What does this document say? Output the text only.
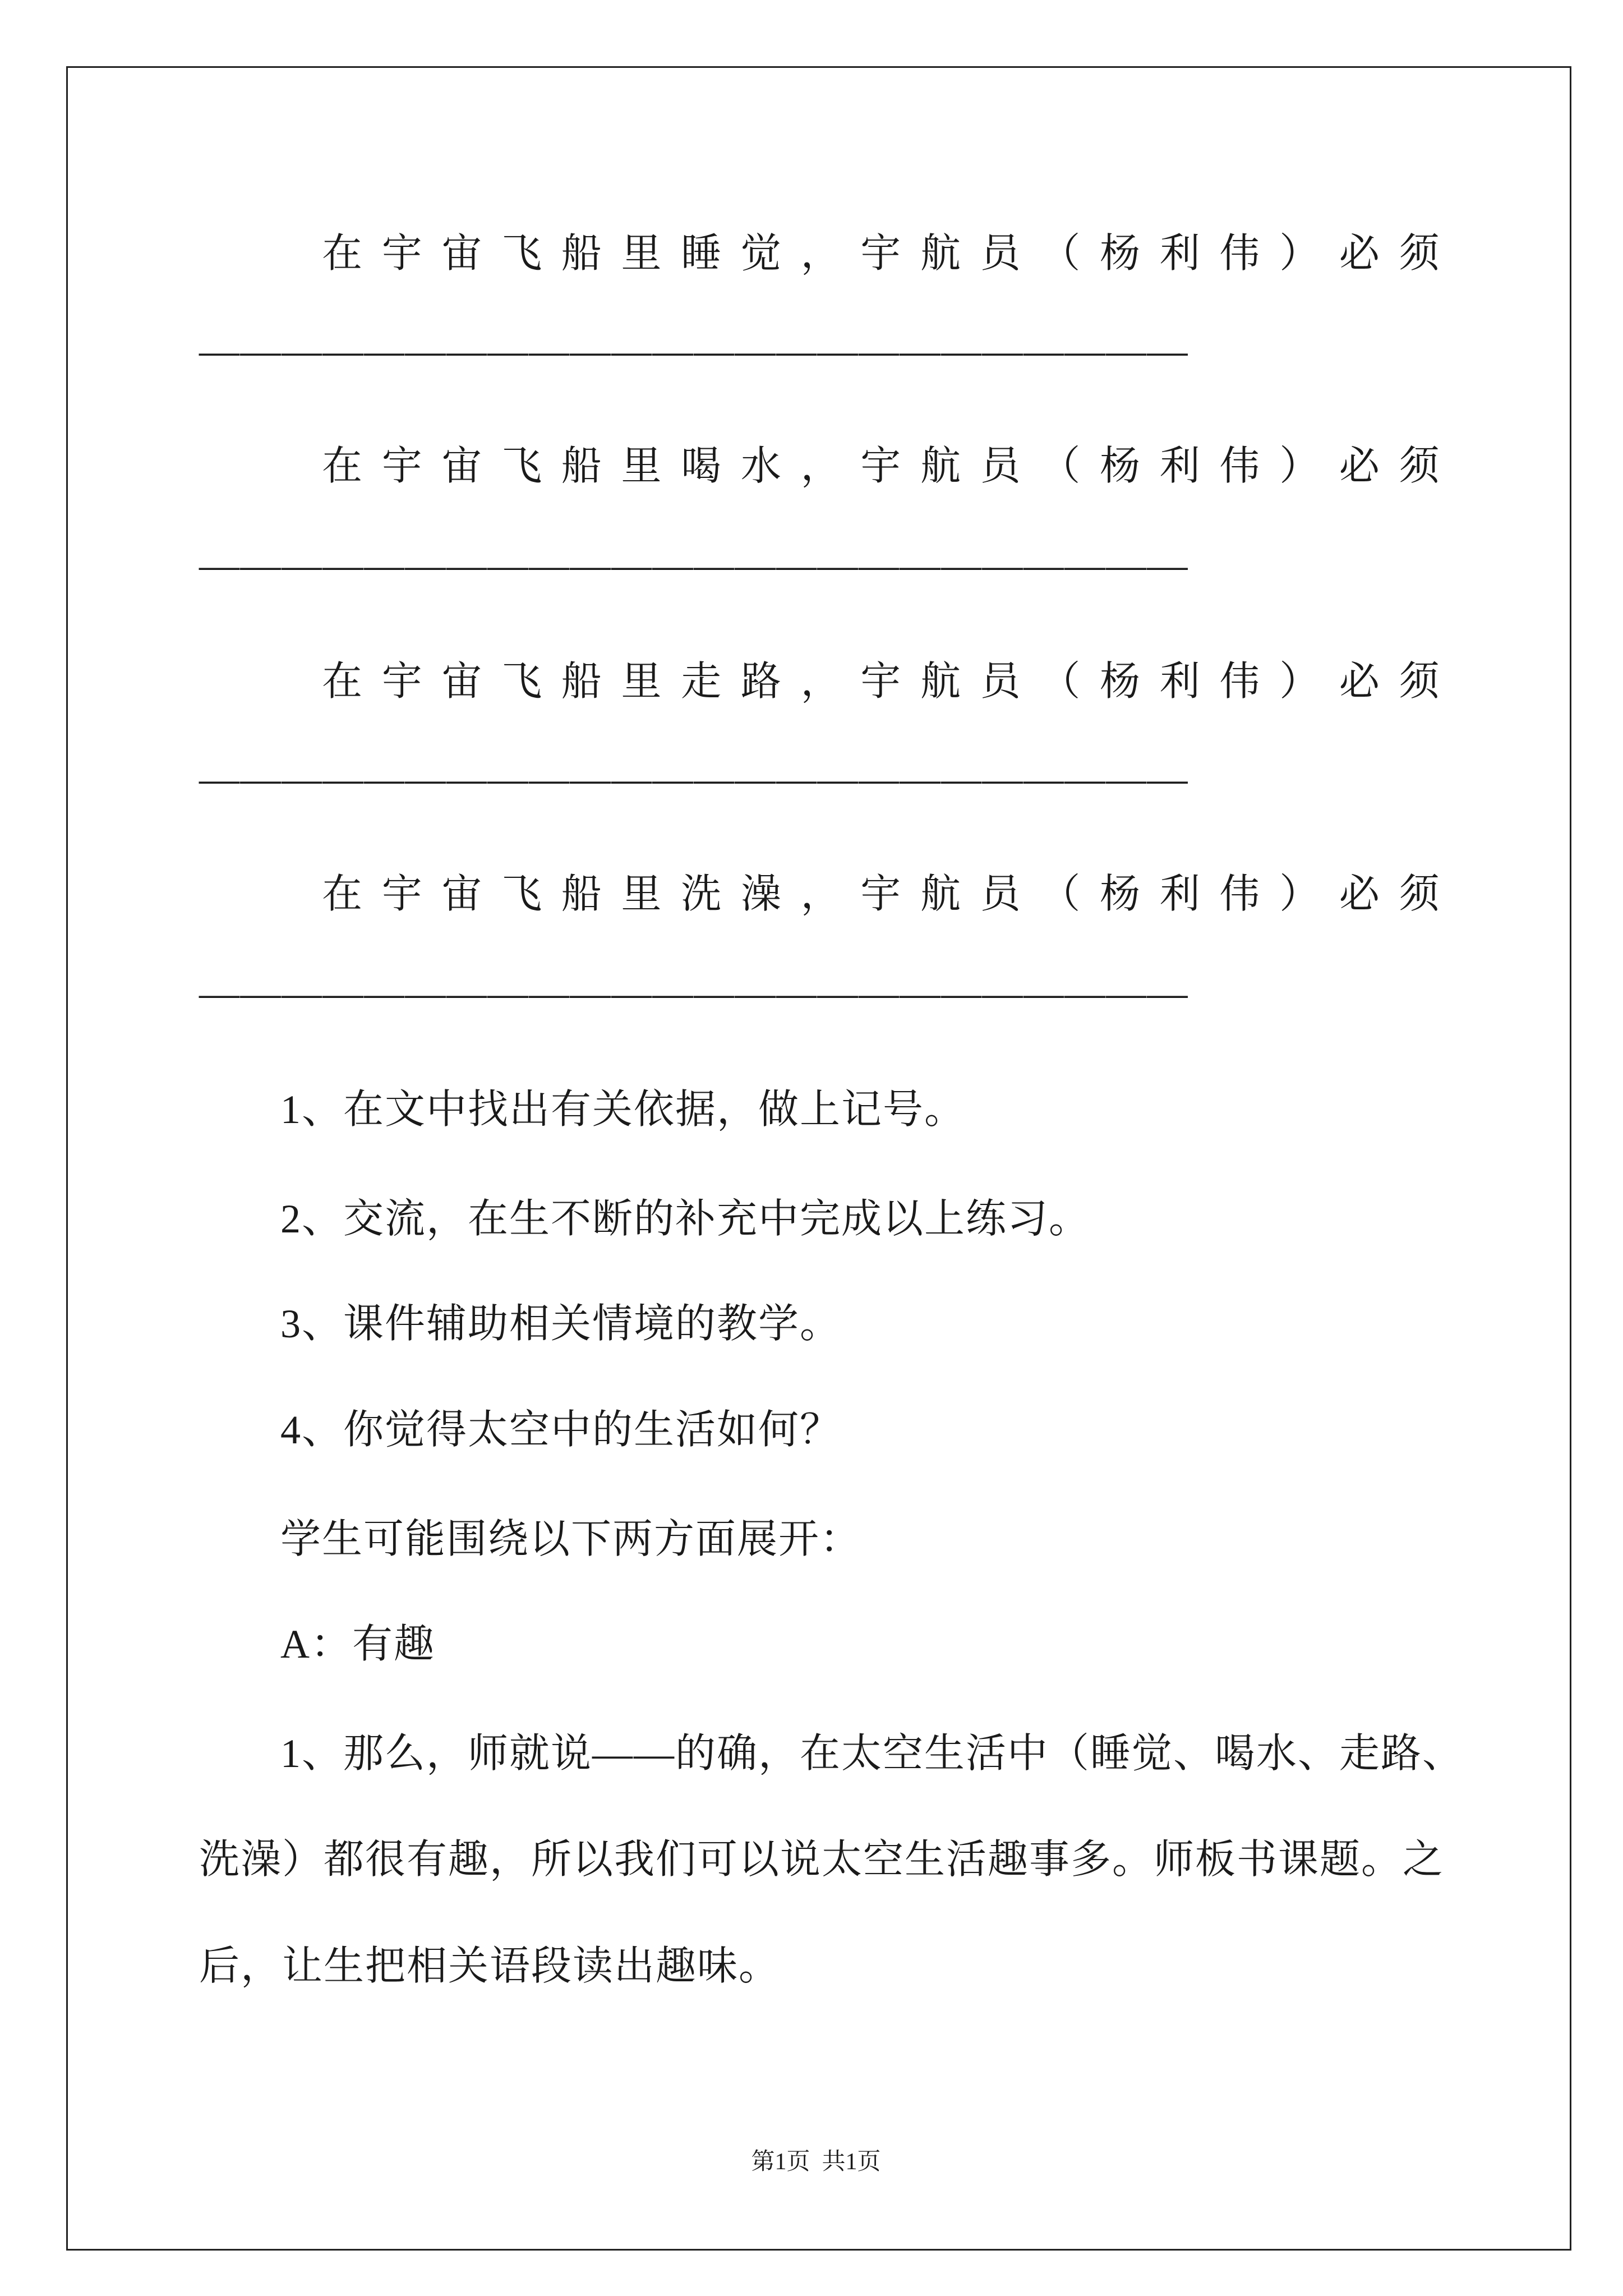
在宇宙飞船里睡觉，宇航员（杨利伟）必须
————————————————————————
在宇宙飞船里喝水，宇航员（杨利伟）必须
————————————————————————
在宇宙飞船里走路，宇航员（杨利伟）必须
————————————————————————
在宇宙飞船里洗澡，宇航员（杨利伟）必须
————————————————————————
1、在文中找出有关依据，做上记号。
2、交流，在生不断的补充中完成以上练习。
3、课件辅助相关情境的教学。
4、你觉得太空中的生活如何？
学生可能围绕以下两方面展开：
A：有趣
1、那么，师就说——的确，在太空生活中（睡觉、喝水、走路、
洗澡）都很有趣，所以我们可以说太空生活趣事多。师板书课题。之
后，让生把相关语段读出趣味。
第1页  共1页
